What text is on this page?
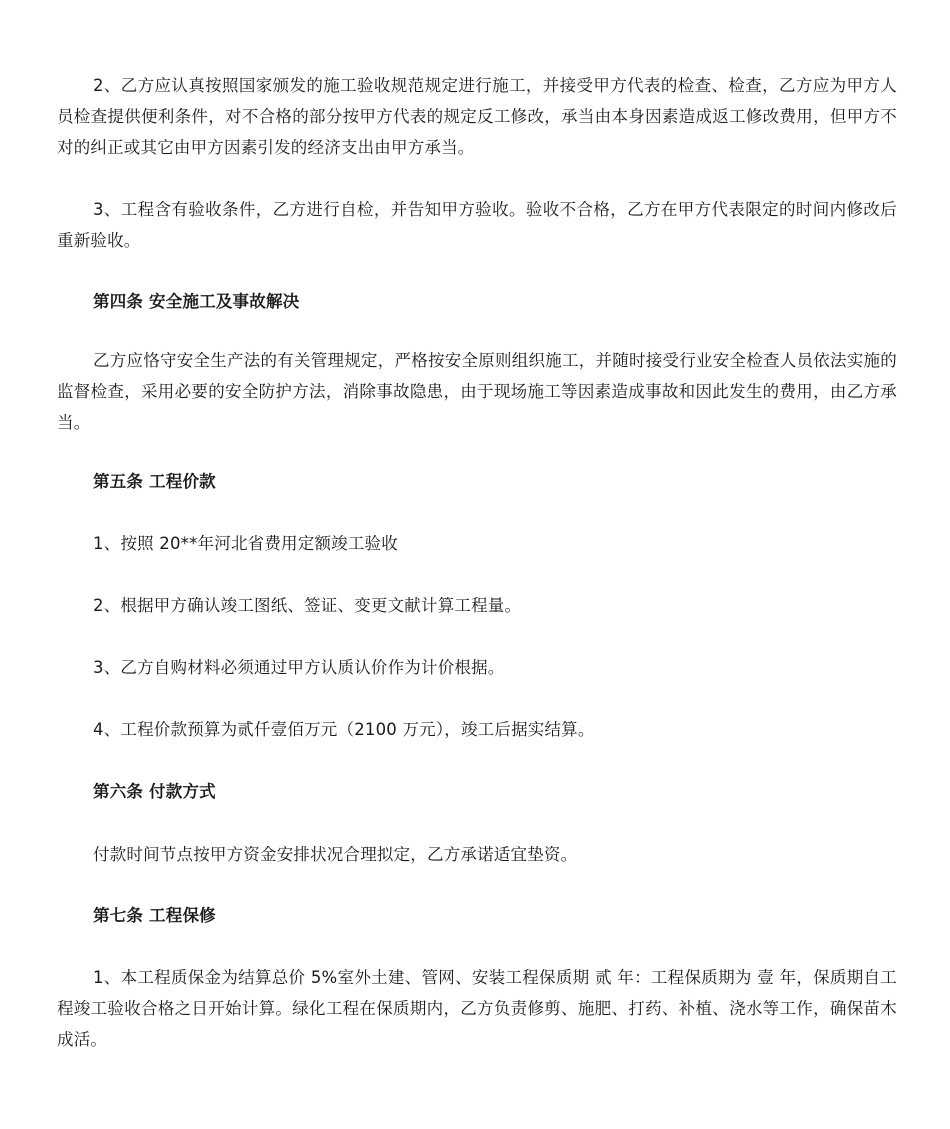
2、乙方应认真按照国家颁发的施工验收规范规定进行施工，并接受甲方代表的检查、检查，乙方应为甲方人员检查提供便利条件，对不合格的部分按甲方代表的规定反工修改，承当由本身因素造成返工修改费用，但甲方不对的纠正或其它由甲方因素引发的经济支出由甲方承当。

3、工程含有验收条件，乙方进行自检，并告知甲方验收。验收不合格，乙方在甲方代表限定的时间内修改后重新验收。

第四条 安全施工及事故解决

乙方应恪守安全生产法的有关管理规定，严格按安全原则组织施工，并随时接受行业安全检查人员依法实施的监督检查，采用必要的安全防护方法，消除事故隐患，由于现场施工等因素造成事故和因此发生的费用，由乙方承当。

第五条 工程价款

1、按照 20**年河北省费用定额竣工验收

2、根据甲方确认竣工图纸、签证、变更文献计算工程量。

3、乙方自购材料必须通过甲方认质认价作为计价根据。

4、工程价款预算为贰仟壹佰万元（2100 万元），竣工后据实结算。

第六条 付款方式

付款时间节点按甲方资金安排状况合理拟定，乙方承诺适宜垫资。

第七条 工程保修

1、本工程质保金为结算总价 5%室外土建、管网、安装工程保质期 贰 年：工程保质期为 壹 年，保质期自工程竣工验收合格之日开始计算。绿化工程在保质期内，乙方负责修剪、施肥、打药、补植、浇水等工作，确保苗木成活。
